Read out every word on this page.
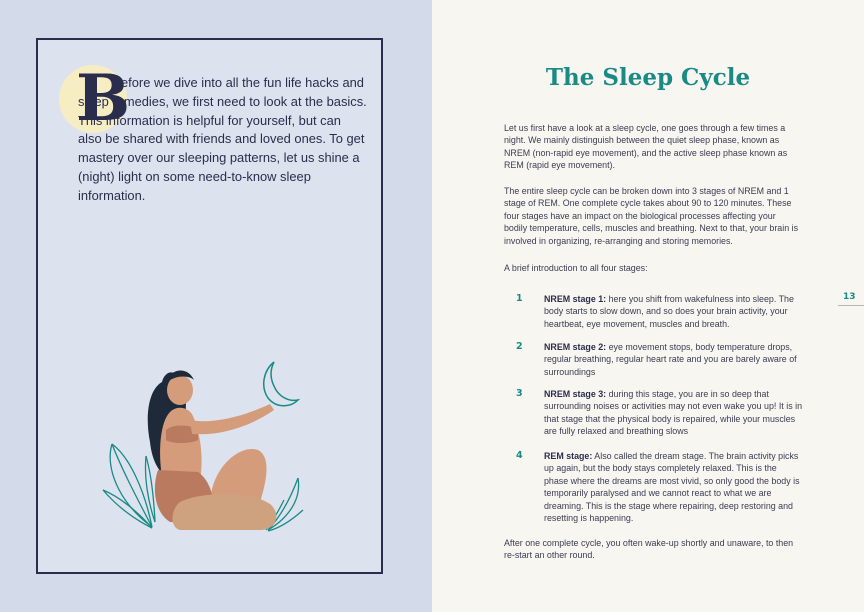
B

efore we dive into all the fun life hacks and sleep remedies, we first need to look at the basics. This information is helpful for yourself, but can also be shared with friends and loved ones. To get mastery over our sleeping patterns, let us shine a (night) light on some need-to-know sleep information.

The Sleep Cycle

Let us first have a look at a sleep cycle, one goes through a few times a night. We mainly distinguish between the quiet sleep phase, known as NREM (non-rapid eye movement), and the active sleep phase known as REM (rapid eye movement).

The entire sleep cycle can be broken down into 3 stages of NREM and 1 stage of REM. One complete cycle takes about 90 to 120 minutes. These four stages have an impact on the biological processes affecting your bodily temperature, cells, muscles and breathing. Next to that, your brain is involved in organizing, re-arranging and storing memories.

A brief introduction to all four stages:

1 NREM stage 1: here you shift from wakefulness into sleep. The body starts to slow down, and so does your brain activity, your heartbeat, eye movement, muscles and breath.

2 NREM stage 2: eye movement stops, body temperature drops, regular breathing, regular heart rate and you are barely aware of surroundings

3 NREM stage 3: during this stage, you are in so deep that surrounding noises or activities may not even wake you up! It is in that stage that the physical body is repaired, while your muscles are fully relaxed and breathing slows

4 REM stage: Also called the dream stage. The brain activity picks up again, but the body stays completely relaxed. This is the phase where the dreams are most vivid, so only good the body is temporarily paralysed and we cannot react to what we are dreaming. This is the stage where repairing, deep restoring and resetting is happening.

After one complete cycle, you often wake-up shortly and unaware, to then re-start an other round.

13
